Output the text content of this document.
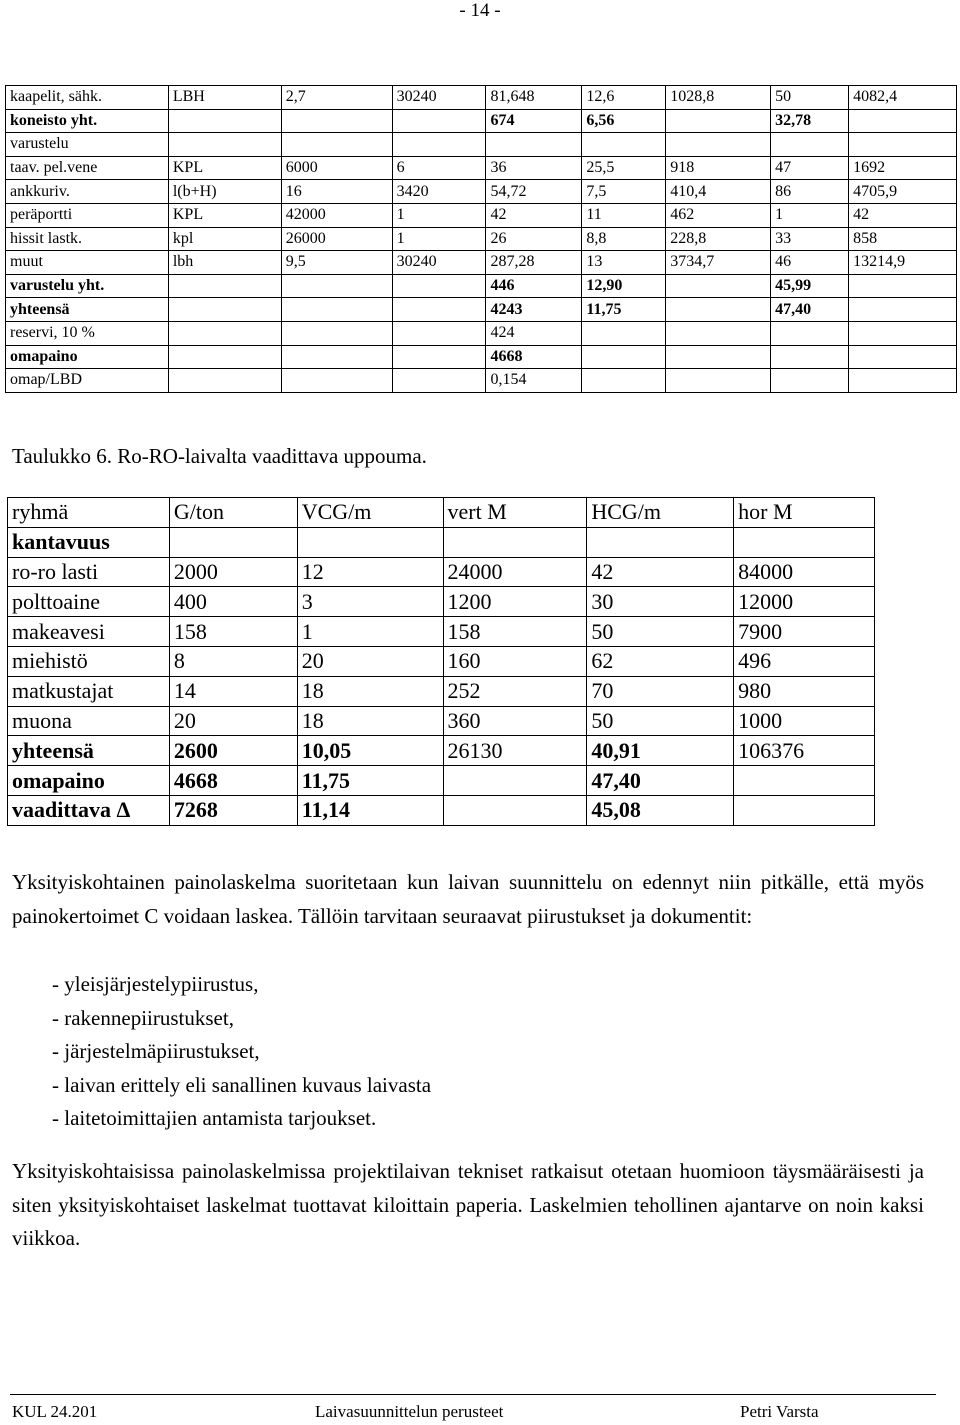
- 14 -
kaapelit, sähk.	LBH	2,7	30240	81,648	12,6	1028,8	50	4082,4
koneisto yht.				674	6,56		32,78	
varustelu								
taav. pel.vene	KPL	6000	6	36	25,5	918	47	1692
ankkuriv.	l(b+H)	16	3420	54,72	7,5	410,4	86	4705,9
peräportti	KPL	42000	1	42	11	462	1	42
hissit lastk.	kpl	26000	1	26	8,8	228,8	33	858
muut	lbh	9,5	30240	287,28	13	3734,7	46	13214,9
varustelu yht.				446	12,90		45,99	
yhteensä				4243	11,75		47,40	
reservi, 10 %				424				
omapaino				4668				
omap/LBD				0,154				

Taulukko 6. Ro-RO-laivalta vaadittava uppouma.

ryhmä	G/ton	VCG/m	vert M	HCG/m	hor M
kantavuus					
ro-ro lasti	2000	12	24000	42	84000
polttoaine	400	3	1200	30	12000
makeavesi	158	1	158	50	7900
miehistö	8	20	160	62	496
matkustajat	14	18	252	70	980
muona	20	18	360	50	1000
yhteensä	2600	10,05	26130	40,91	106376
omapaino	4668	11,75		47,40	
vaadittava Δ	7268	11,14		45,08	

Yksityiskohtainen painolaskelma suoritetaan kun laivan suunnittelu on edennyt niin pitkälle, että myös painokertoimet C voidaan laskea. Tällöin tarvitaan seuraavat piirustukset ja dokumentit:

- yleisjärjestelypiirustus,
- rakennepiirustukset,
- järjestelmäpiirustukset,
- laivan erittely eli sanallinen kuvaus laivasta
- laitetoimittajien antamista tarjoukset.

Yksityiskohtaisissa painolaskelmissa projektilaivan tekniset ratkaisut otetaan huomioon täysmääräisesti ja siten yksityiskohtaiset laskelmat tuottavat kiloittain paperia. Laskelmien tehollinen ajantarve on noin kaksi viikkoa.

KUL 24.201	Laivasuunnittelun perusteet	Petri Varsta
